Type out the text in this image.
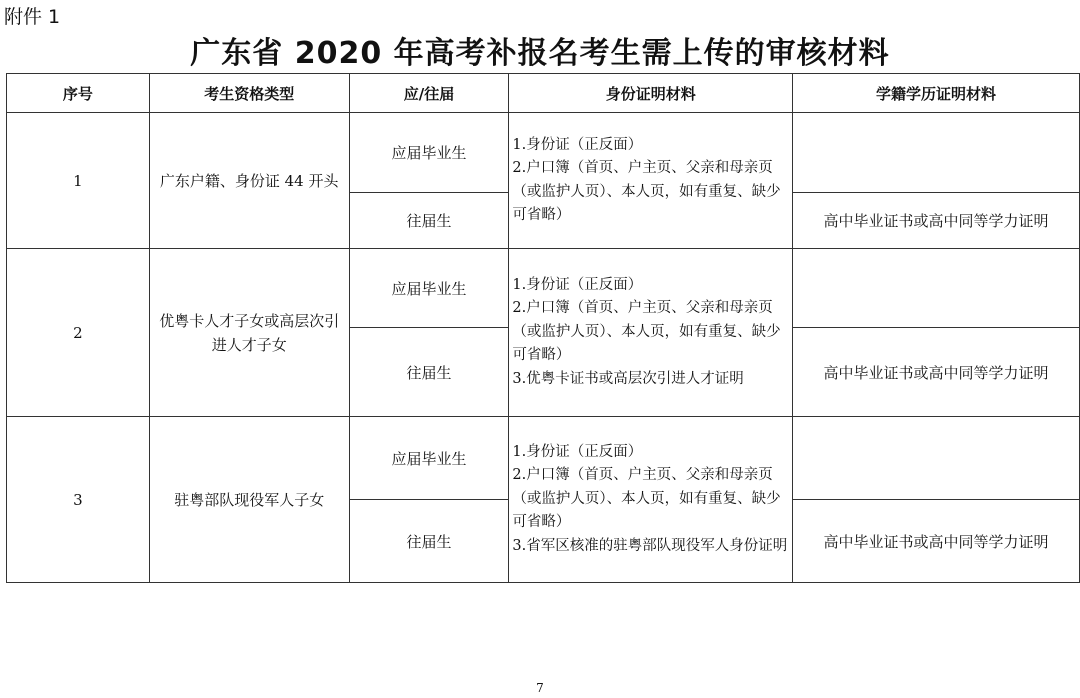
附件 1
广东省 2020 年高考补报名考生需上传的审核材料
序号	考生资格类型	应/往届	身份证明材料	学籍学历证明材料
1	广东户籍、身份证 44 开头	应届毕业生	1.身份证（正反面）
2.户口簿（首页、户主页、父亲和母亲页（或监护人页）、本人页，如有重复、缺少可省略）	

		往届生		高中毕业证书或高中同等学力证明
2	优粤卡人才子女或高层次引进人才子女	应届毕业生	1.身份证（正反面）
2.户口簿（首页、户主页、父亲和母亲页（或监护人页）、本人页，如有重复、缺少可省略）
3.优粤卡证书或高层次引进人才证明	

		往届生		高中毕业证书或高中同等学力证明
3	驻粤部队现役军人子女	应届毕业生	1.身份证（正反面）
2.户口簿（首页、户主页、父亲和母亲页（或监护人页）、本人页，如有重复、缺少可省略）
3.省军区核准的驻粤部队现役军人身份证明	

		往届生		高中毕业证书或高中同等学力证明
7
